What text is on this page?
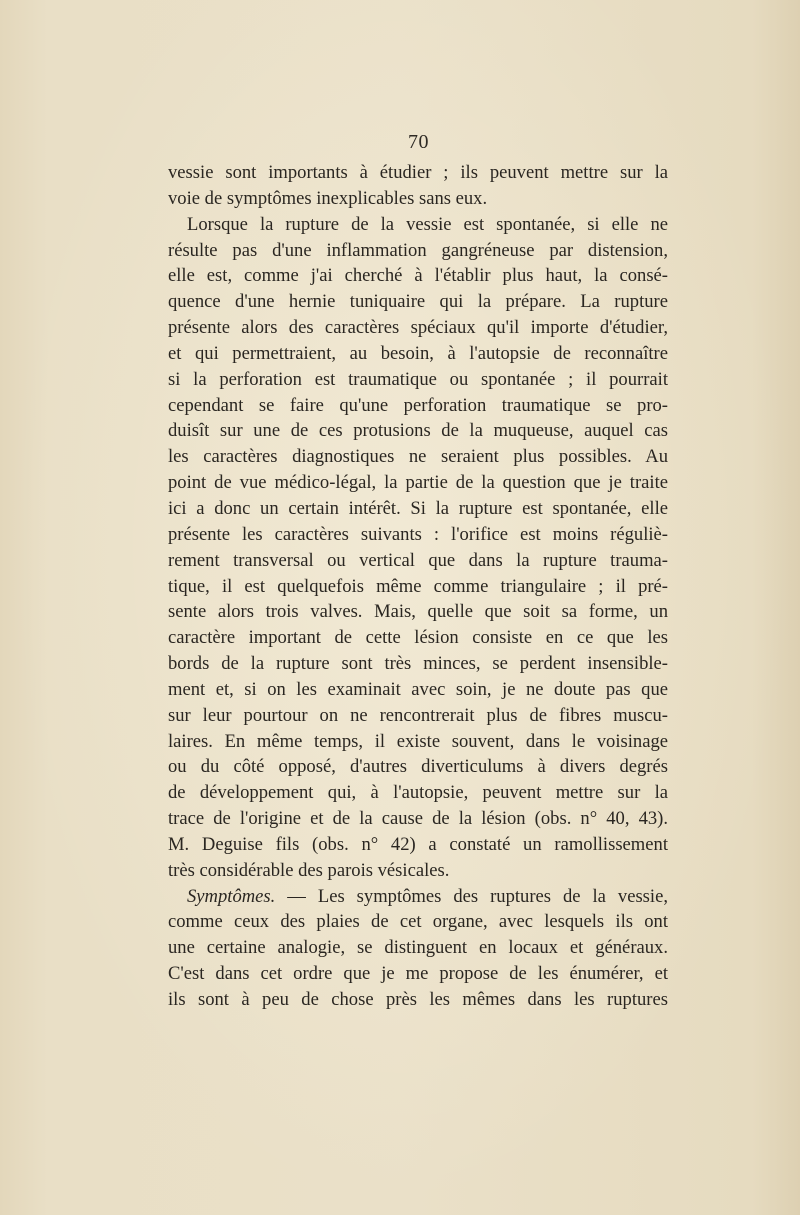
70
vessie sont importants à étudier ; ils peuvent mettre sur la
voie de symptômes inexplicables sans eux.
Lorsque la rupture de la vessie est spontanée, si elle ne
résulte pas d'une inflammation gangréneuse par distension,
elle est, comme j'ai cherché à l'établir plus haut, la consé-
quence d'une hernie tuniquaire qui la prépare. La rupture
présente alors des caractères spéciaux qu'il importe d'étudier,
et qui permettraient, au besoin, à l'autopsie de reconnaître
si la perforation est traumatique ou spontanée ; il pourrait
cependant se faire qu'une perforation traumatique se pro-
duisît sur une de ces protusions de la muqueuse, auquel cas
les caractères diagnostiques ne seraient plus possibles. Au
point de vue médico-légal, la partie de la question que je traite
ici a donc un certain intérêt. Si la rupture est spontanée, elle
présente les caractères suivants : l'orifice est moins réguliè-
rement transversal ou vertical que dans la rupture trauma-
tique, il est quelquefois même comme triangulaire ; il pré-
sente alors trois valves. Mais, quelle que soit sa forme, un
caractère important de cette lésion consiste en ce que les
bords de la rupture sont très minces, se perdent insensible-
ment et, si on les examinait avec soin, je ne doute pas que
sur leur pourtour on ne rencontrerait plus de fibres muscu-
laires. En même temps, il existe souvent, dans le voisinage
ou du côté opposé, d'autres diverticulums à divers degrés
de développement qui, à l'autopsie, peuvent mettre sur la
trace de l'origine et de la cause de la lésion (obs. n° 40, 43).
M. Deguise fils (obs. n° 42) a constaté un ramollissement
très considérable des parois vésicales.
Symptômes. — Les symptômes des ruptures de la vessie,
comme ceux des plaies de cet organe, avec lesquels ils ont
une certaine analogie, se distinguent en locaux et généraux.
C'est dans cet ordre que je me propose de les énumérer, et
ils sont à peu de chose près les mêmes dans les ruptures
